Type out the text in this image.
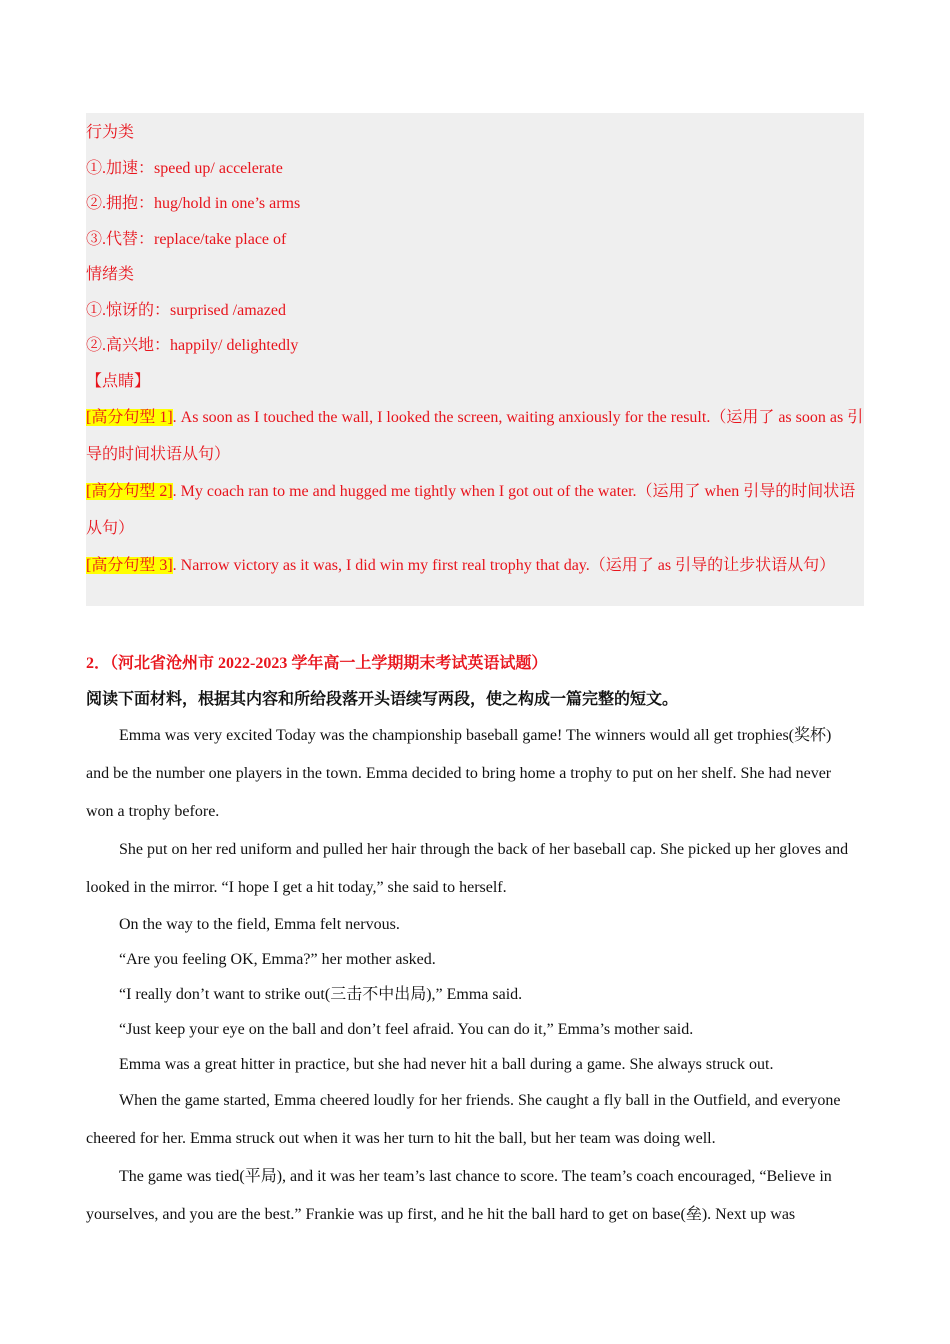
行为类
①.加速：speed up/ accelerate
②.拥抱：hug/hold in one’s arms
③.代替：replace/take place of
情绪类
①.惊讶的：surprised /amazed
②.高兴地：happily/ delightedly
【点睛】

[高分句型 1]. As soon as I touched the wall, I looked the screen, waiting anxiously for the result.（运用了 as soon as 引导的时间状语从句）

[高分句型 2]. My coach ran to me and hugged me tightly when I got out of the water.（运用了 when 引导的时间状语从句）

[高分句型 3]. Narrow victory as it was, I did win my first real trophy that day.（运用了 as 引导的让步状语从句）

2．（河北省沧州市 2022-2023 学年高一上学期期末考试英语试题）
阅读下面材料，根据其内容和所给段落开头语续写两段，使之构成一篇完整的短文。

Emma was very excited Today was the championship baseball game! The winners would all get trophies(奖杯) and be the number one players in the town. Emma decided to bring home a trophy to put on her shelf. She had never won a trophy before.

She put on her red uniform and pulled her hair through the back of her baseball cap. She picked up her gloves and looked in the mirror. “I hope I get a hit today,” she said to herself.

On the way to the field, Emma felt nervous.

“Are you feeling OK, Emma?” her mother asked.

“I really don’t want to strike out(三击不中出局),” Emma said.

“Just keep your eye on the ball and don’t feel afraid. You can do it,” Emma’s mother said.

Emma was a great hitter in practice, but she had never hit a ball during a game. She always struck out.

When the game started, Emma cheered loudly for her friends. She caught a fly ball in the Outfield, and everyone cheered for her. Emma struck out when it was her turn to hit the ball, but her team was doing well.

The game was tied(平局), and it was her team’s last chance to score. The team’s coach encouraged, “Believe in yourselves, and you are the best.” Frankie was up first, and he hit the ball hard to get on base(垒). Next up was
